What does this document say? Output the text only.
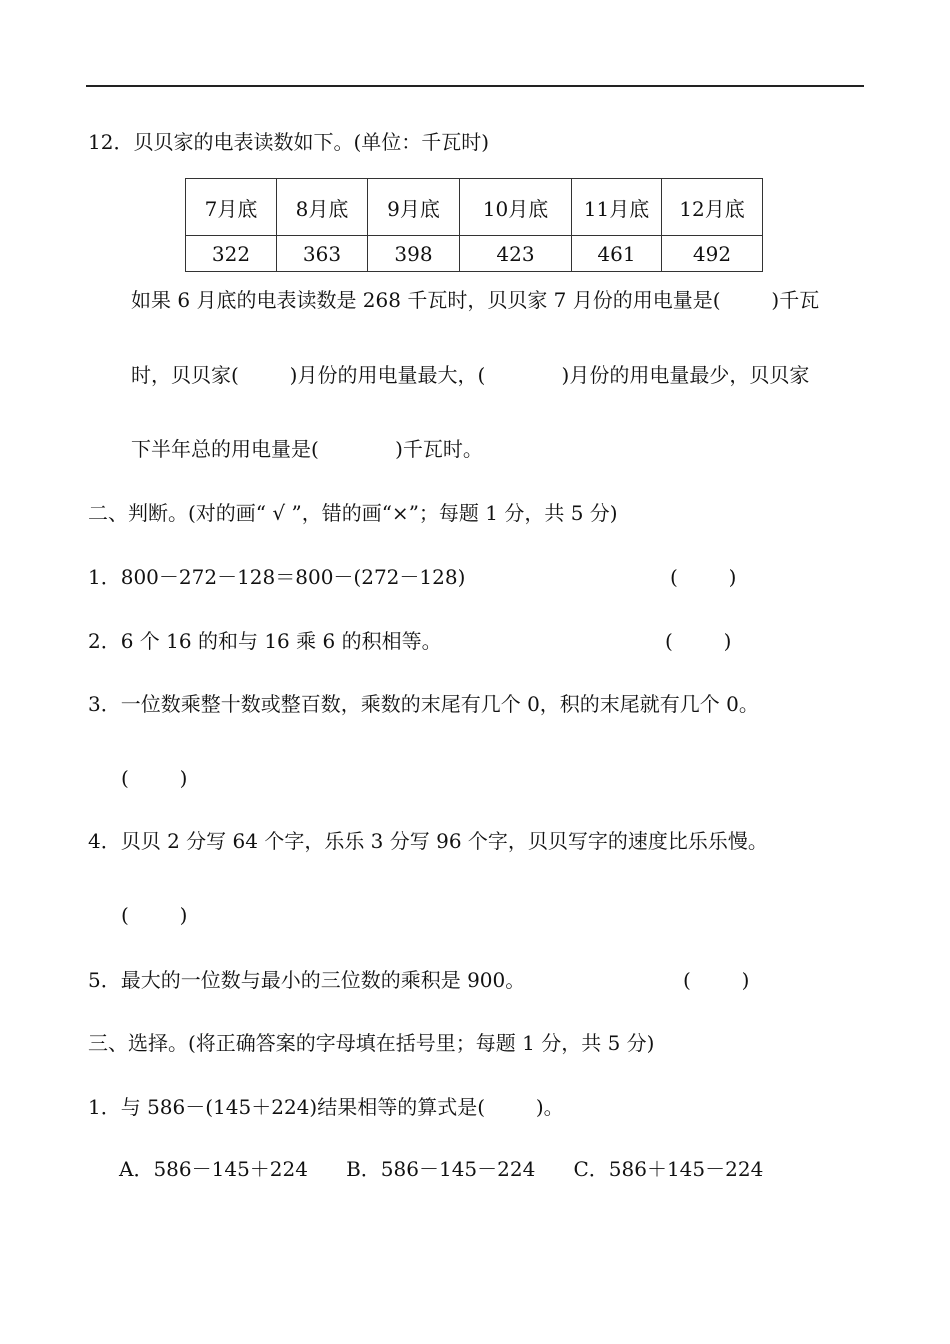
12．贝贝家的电表读数如下。(单位：千瓦时)
7月底	8月底	9月底	10月底	11月底	12月底
322	363	398	423	461	492
如果 6 月底的电表读数是 268 千瓦时，贝贝家 7 月份的用电量是(        )千瓦
时，贝贝家(        )月份的用电量最大，(            )月份的用电量最少，贝贝家
下半年总的用电量是(            )千瓦时。
二、判断。(对的画“ √ ”，错的画“×”；每题 1 分，共 5 分)
1．800－272－128＝800－(272－128)	(        )
2．6 个 16 的和与 16 乘 6 的积相等。	(        )
3．一位数乘整十数或整百数，乘数的末尾有几个 0，积的末尾就有几个 0。
(        )
4．贝贝 2 分写 64 个字，乐乐 3 分写 96 个字，贝贝写字的速度比乐乐慢。
(        )
5．最大的一位数与最小的三位数的乘积是 900。	(        )
三、选择。(将正确答案的字母填在括号里；每题 1 分，共 5 分)
1．与 586－(145＋224)结果相等的算式是(        )。
A．586－145＋224      B．586－145－224      C．586＋145－224
